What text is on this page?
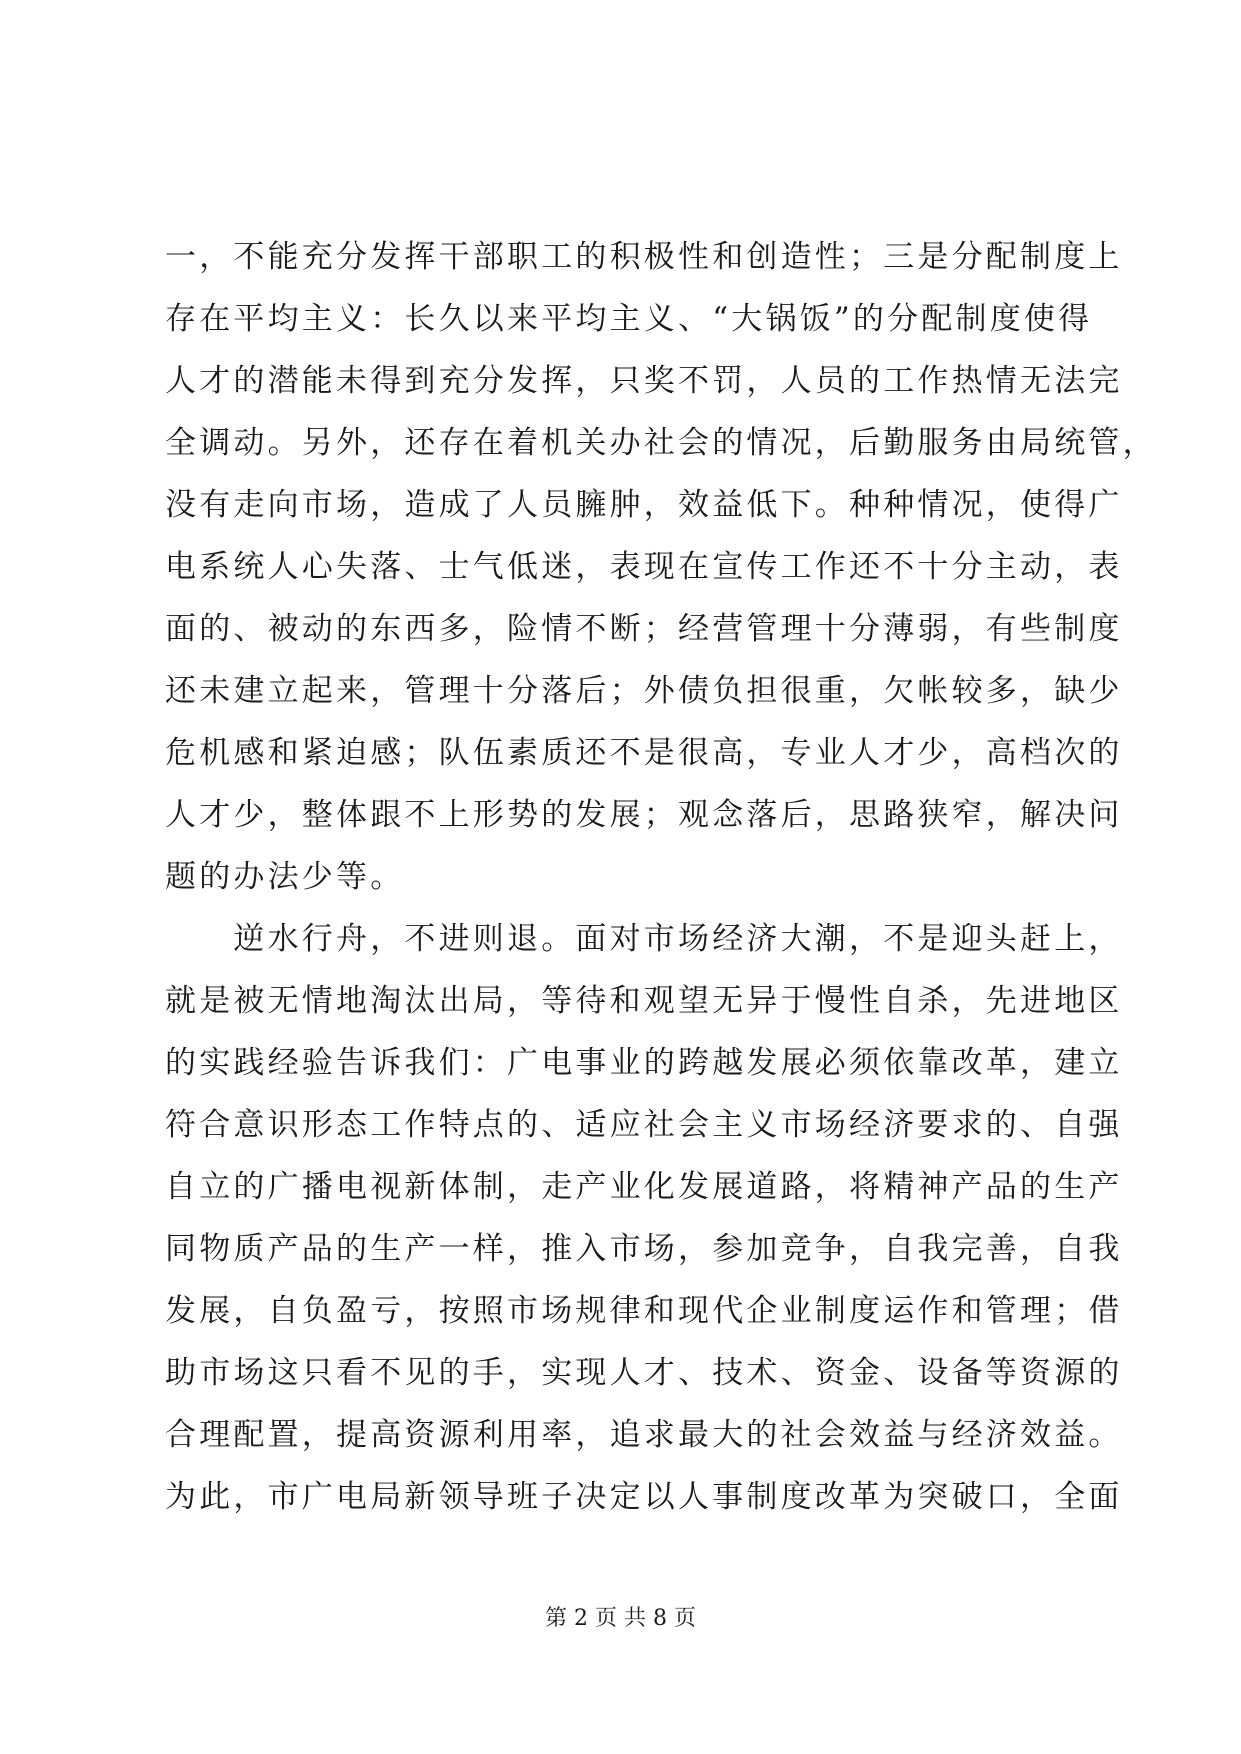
一，不能充分发挥干部职工的积极性和创造性；三是分配制度上
存在平均主义：长久以来平均主义、“大锅饭”的分配制度使得
人才的潜能未得到充分发挥，只奖不罚，人员的工作热情无法完
全调动。另外，还存在着机关办社会的情况，后勤服务由局统管，
没有走向市场，造成了人员臃肿，效益低下。种种情况，使得广
电系统人心失落、士气低迷，表现在宣传工作还不十分主动，表
面的、被动的东西多，险情不断；经营管理十分薄弱，有些制度
还未建立起来，管理十分落后；外债负担很重，欠帐较多，缺少
危机感和紧迫感；队伍素质还不是很高，专业人才少，高档次的
人才少，整体跟不上形势的发展；观念落后，思路狭窄，解决问
题的办法少等。
　　逆水行舟，不进则退。面对市场经济大潮，不是迎头赶上，
就是被无情地淘汰出局，等待和观望无异于慢性自杀，先进地区
的实践经验告诉我们：广电事业的跨越发展必须依靠改革，建立
符合意识形态工作特点的、适应社会主义市场经济要求的、自强
自立的广播电视新体制，走产业化发展道路，将精神产品的生产
同物质产品的生产一样，推入市场，参加竞争，自我完善，自我
发展，自负盈亏，按照市场规律和现代企业制度运作和管理；借
助市场这只看不见的手，实现人才、技术、资金、设备等资源的
合理配置，提高资源利用率，追求最大的社会效益与经济效益。
为此，市广电局新领导班子决定以人事制度改革为突破口，全面
第 2 页 共 8 页
